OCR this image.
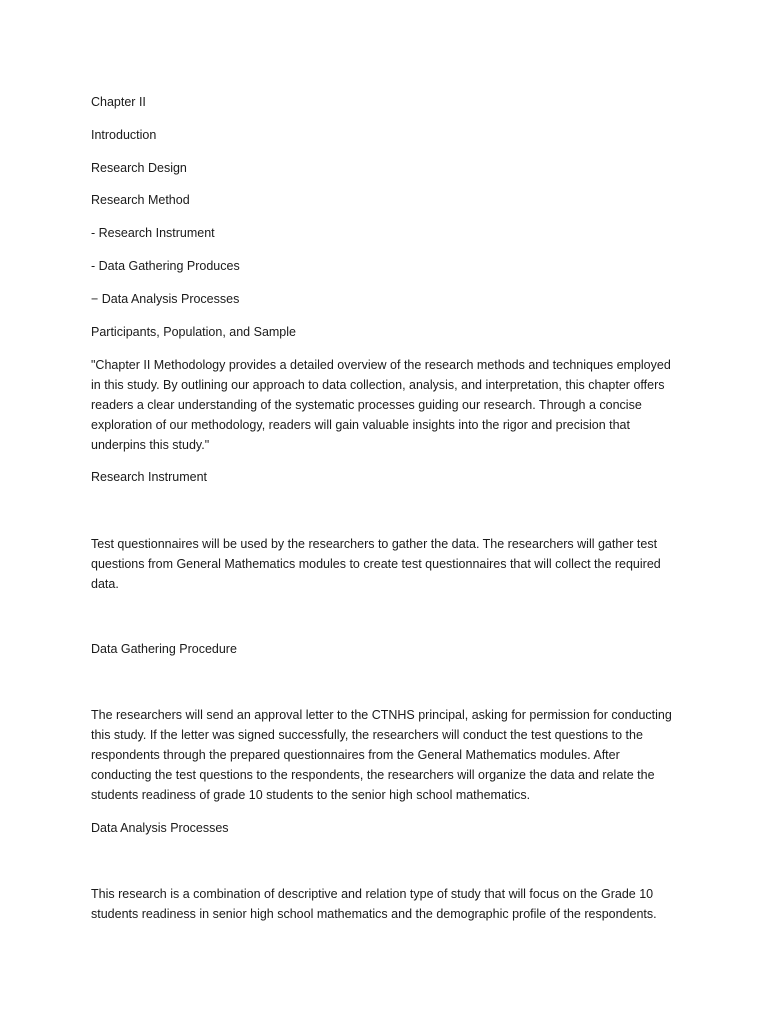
Chapter II
Introduction
Research Design
Research Method
- Research Instrument
- Data Gathering Produces
− Data Analysis Processes
Participants, Population, and Sample
"Chapter II Methodology provides a detailed overview of the research methods and techniques employed in this study. By outlining our approach to data collection, analysis, and interpretation, this chapter offers readers a clear understanding of the systematic processes guiding our research. Through a concise exploration of our methodology, readers will gain valuable insights into the rigor and precision that underpins this study."
Research Instrument
Test questionnaires will be used by the researchers to gather the data. The researchers will gather test questions from General Mathematics modules to create test questionnaires that will collect the required data.
Data Gathering Procedure
The researchers will send an approval letter to the CTNHS principal, asking for permission for conducting this study. If the letter was signed successfully, the researchers will conduct the test questions to the respondents through the prepared questionnaires from the General Mathematics modules. After conducting the test questions to the respondents, the researchers will organize the data and relate the students readiness of grade 10 students to the senior high school mathematics.
Data Analysis Processes
This research is a combination of descriptive and relation type of study that will focus on the Grade 10 students readiness in senior high school mathematics and the demographic profile of the respondents.
